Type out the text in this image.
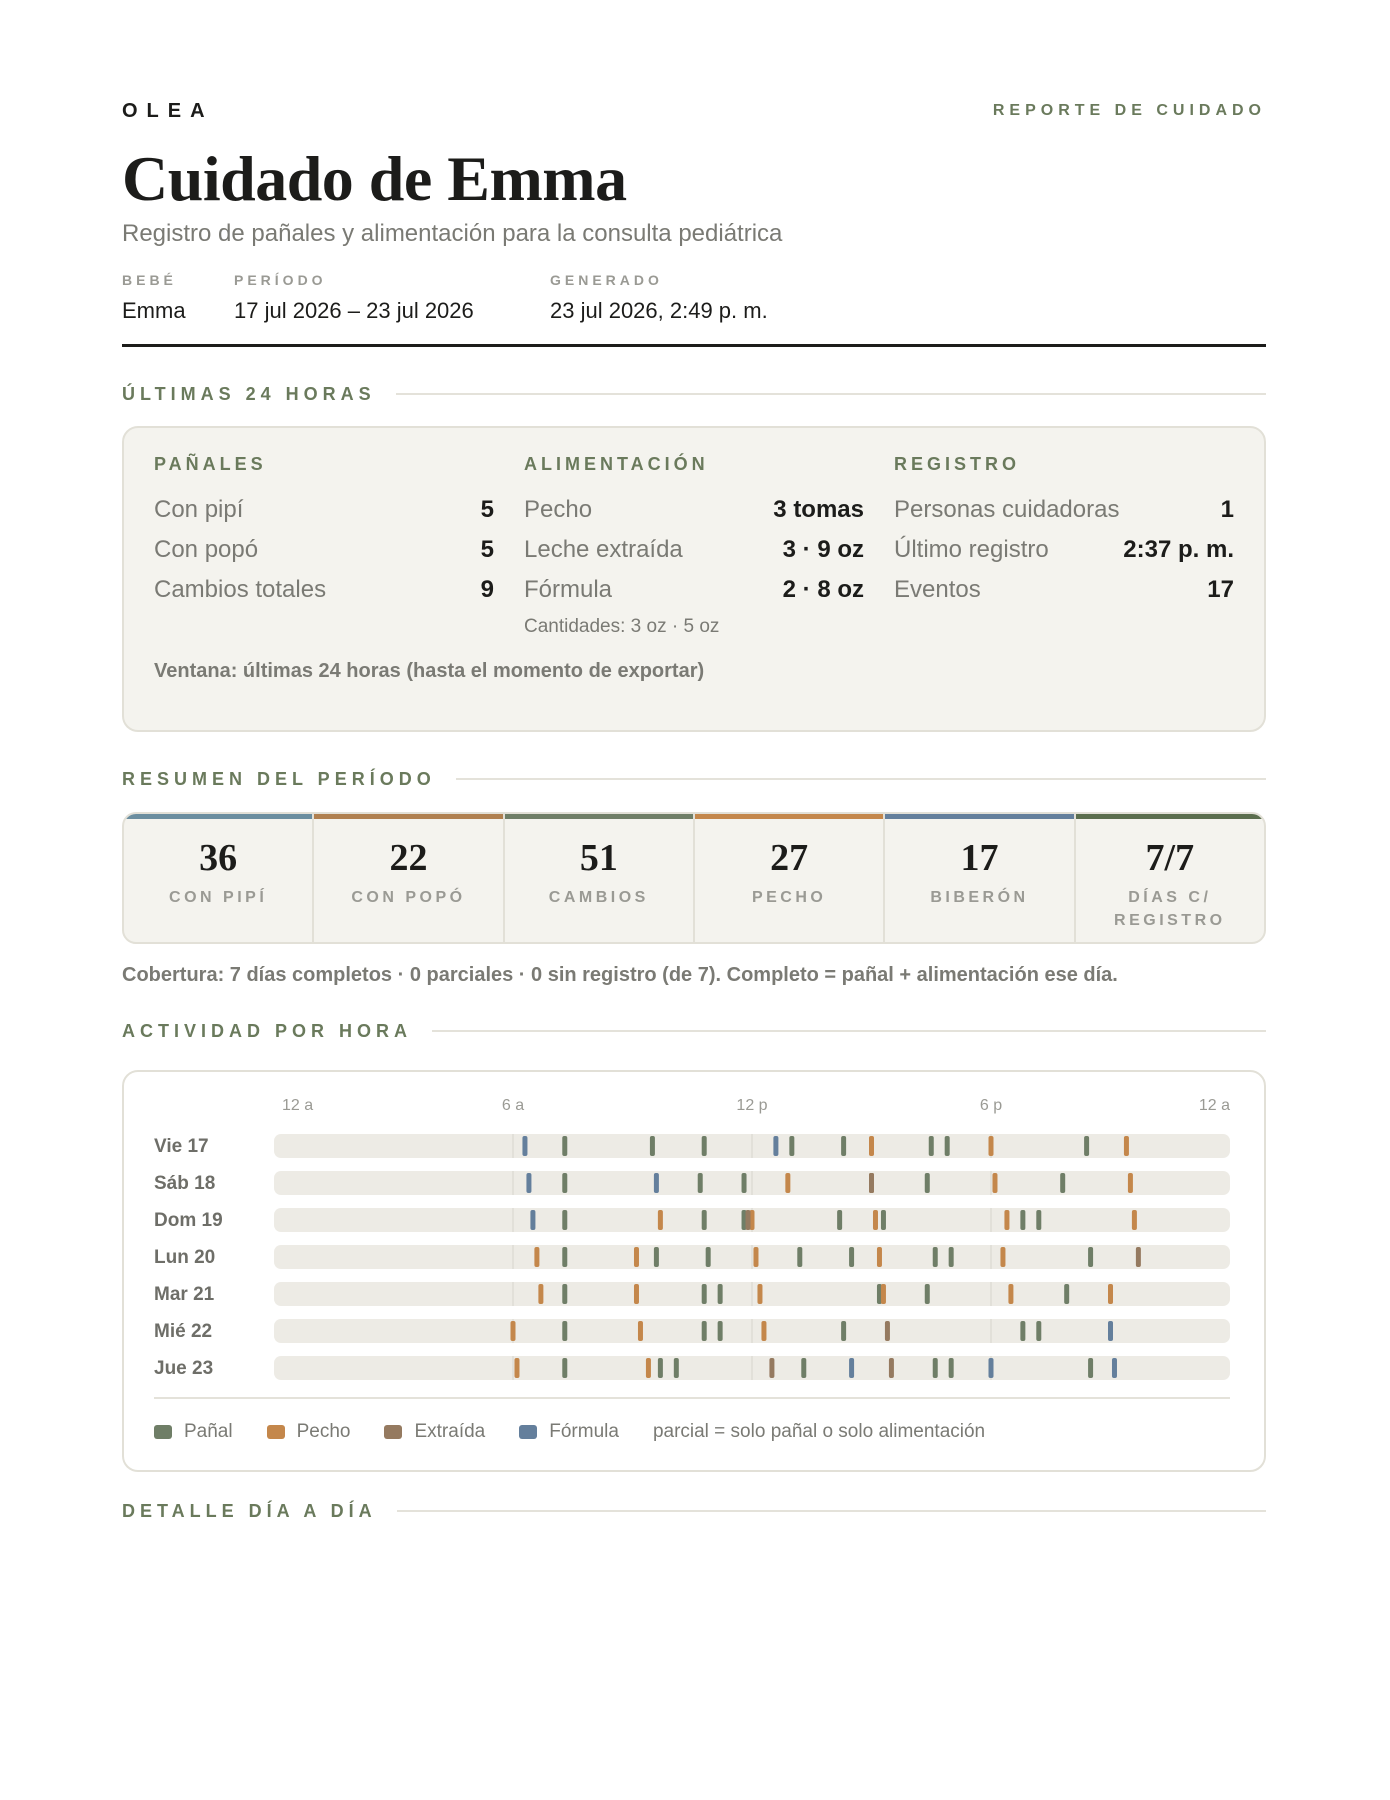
OLEA	REPORTE DE CUIDADO
Cuidado de Emma
Registro de pañales y alimentación para la consulta pediátrica
BEBÉ
Emma
PERÍODO
17 jul 2026 – 23 jul 2026
GENERADO
23 jul 2026, 2:49 p. m.
ÚLTIMAS 24 HORAS
PAÑALES
Con pipí	5
Con popó	5
Cambios totales	9
ALIMENTACIÓN
Pecho	3 tomas
Leche extraída	3 · 9 oz
Fórmula	2 · 8 oz
Cantidades: 3 oz · 5 oz
REGISTRO
Personas cuidadoras	1
Último registro	2:37 p. m.
Eventos	17
Ventana: últimas 24 horas (hasta el momento de exportar)
RESUMEN DEL PERÍODO
36
CON PIPÍ
22
CON POPÓ
51
CAMBIOS
27
PECHO
17
BIBERÓN
7/7
DÍAS C/ REGISTRO
Cobertura: 7 días completos · 0 parciales · 0 sin registro (de 7). Completo = pañal + alimentación ese día.
ACTIVIDAD POR HORA
12 a	6 a	12 p	6 p	12 a
Vie 17
Sáb 18
Dom 19
Lun 20
Mar 21
Mié 22
Jue 23
Pañal	Pecho	Extraída	Fórmula parcial = solo pañal o solo alimentación
DETALLE DÍA A DÍA
